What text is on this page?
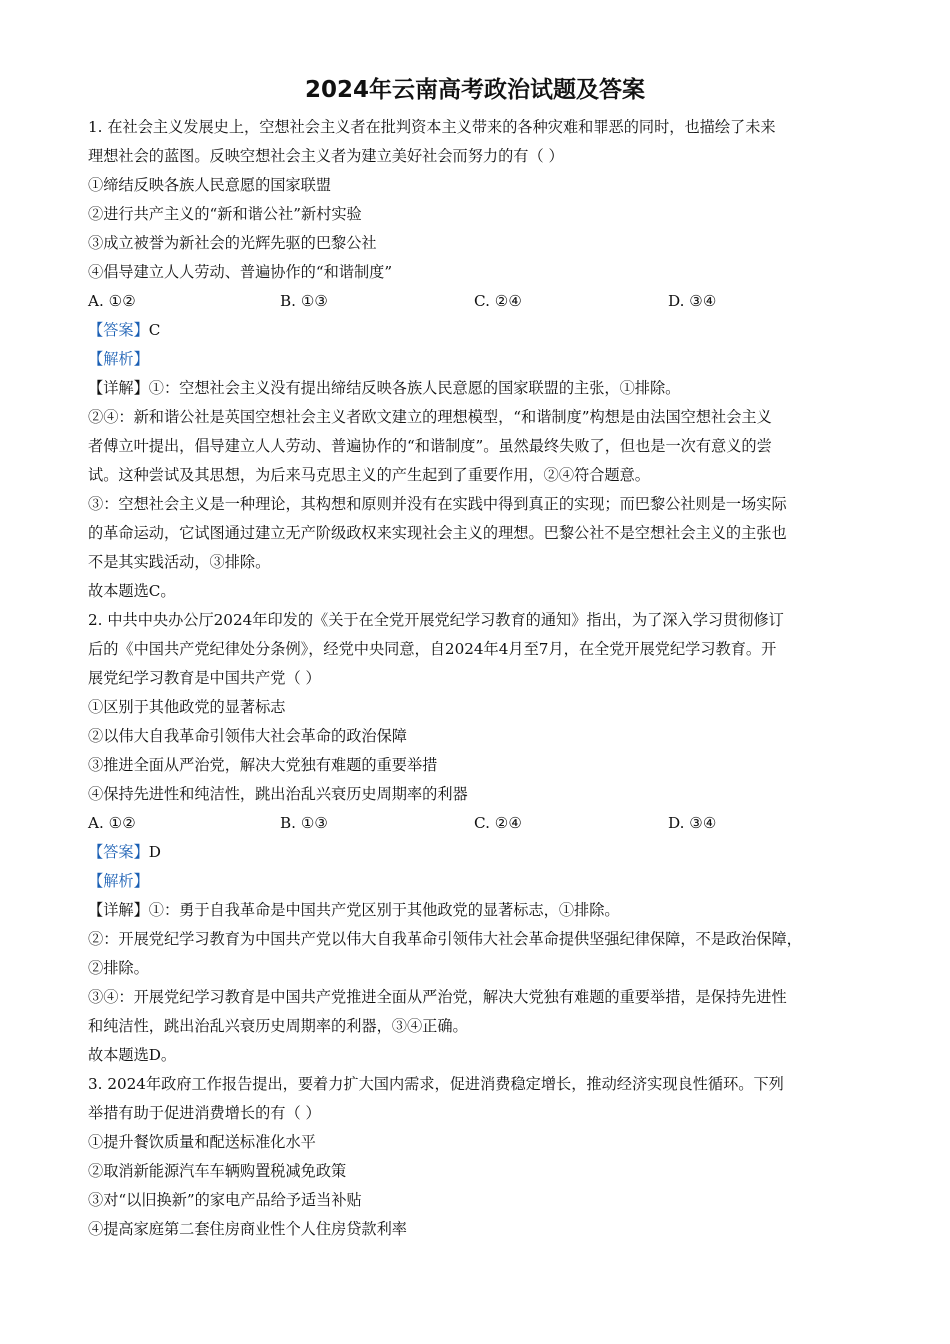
2024年云南高考政治试题及答案
1. 在社会主义发展史上，空想社会主义者在批判资本主义带来的各种灾难和罪恶的同时，也描绘了未来
理想社会的蓝图。反映空想社会主义者为建立美好社会而努力的有（ ）
①缔结反映各族人民意愿的国家联盟
②进行共产主义的“新和谐公社”新村实验
③成立被誉为新社会的光辉先驱的巴黎公社
④倡导建立人人劳动、普遍协作的“和谐制度”
A. ①②	B. ①③	C. ②④	D. ③④
【答案】C
【解析】
【详解】①：空想社会主义没有提出缔结反映各族人民意愿的国家联盟的主张，①排除。
②④：新和谐公社是英国空想社会主义者欧文建立的理想模型，“和谐制度”构想是由法国空想社会主义
者傅立叶提出，倡导建立人人劳动、普遍协作的“和谐制度”。虽然最终失败了，但也是一次有意义的尝
试。这种尝试及其思想，为后来马克思主义的产生起到了重要作用，②④符合题意。
③：空想社会主义是一种理论，其构想和原则并没有在实践中得到真正的实现；而巴黎公社则是一场实际
的革命运动，它试图通过建立无产阶级政权来实现社会主义的理想。巴黎公社不是空想社会主义的主张也
不是其实践活动，③排除。
故本题选C。
2. 中共中央办公厅2024年印发的《关于在全党开展党纪学习教育的通知》指出，为了深入学习贯彻修订
后的《中国共产党纪律处分条例》，经党中央同意，自2024年4月至7月，在全党开展党纪学习教育。开
展党纪学习教育是中国共产党（ ）
①区别于其他政党的显著标志
②以伟大自我革命引领伟大社会革命的政治保障
③推进全面从严治党，解决大党独有难题的重要举措
④保持先进性和纯洁性，跳出治乱兴衰历史周期率的利器
A. ①②	B. ①③	C. ②④	D. ③④
【答案】D
【解析】
【详解】①：勇于自我革命是中国共产党区别于其他政党的显著标志，①排除。
②：开展党纪学习教育为中国共产党以伟大自我革命引领伟大社会革命提供坚强纪律保障，不是政治保障，
②排除。
③④：开展党纪学习教育是中国共产党推进全面从严治党，解决大党独有难题的重要举措，是保持先进性
和纯洁性，跳出治乱兴衰历史周期率的利器，③④正确。
故本题选D。
3. 2024年政府工作报告提出，要着力扩大国内需求，促进消费稳定增长，推动经济实现良性循环。下列
举措有助于促进消费增长的有（ ）
①提升餐饮质量和配送标准化水平
②取消新能源汽车车辆购置税减免政策
③对“以旧换新”的家电产品给予适当补贴
④提高家庭第二套住房商业性个人住房贷款利率
